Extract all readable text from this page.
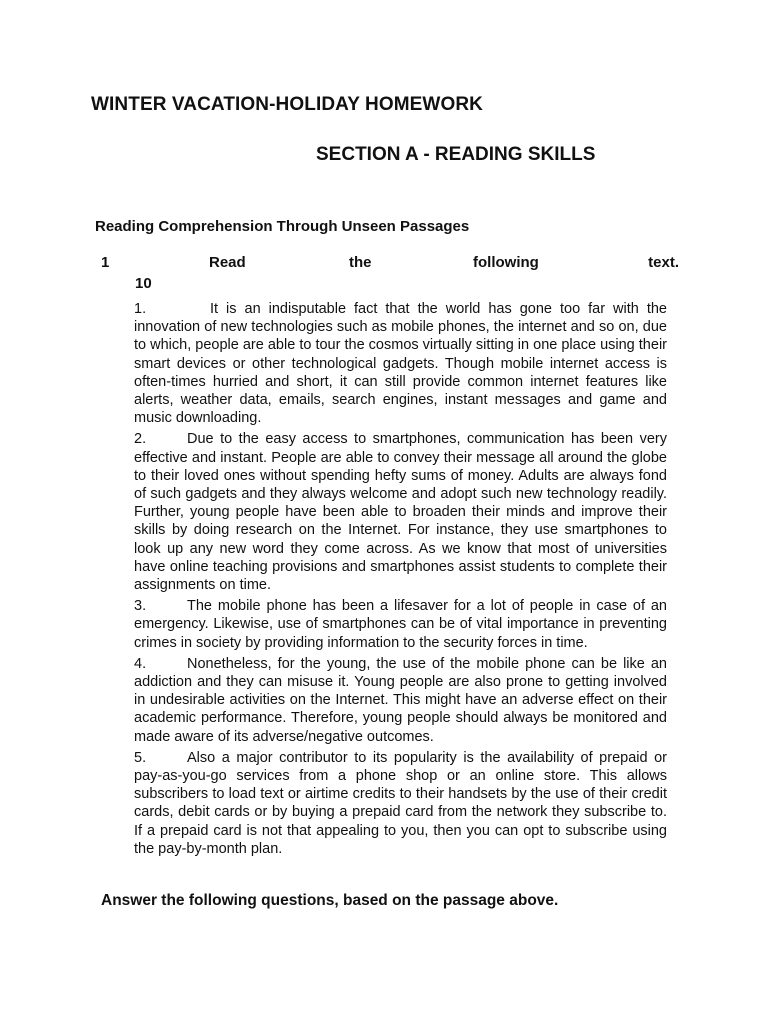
WINTER VACATION-HOLIDAY HOMEWORK
SECTION A - READING SKILLS
Reading Comprehension Through Unseen Passages
1	Read	the	following	text.
10

1.	It is an indisputable fact that the world has gone too far with the innovation of new technologies such as mobile phones, the internet and so on, due to which, people are able to tour the cosmos virtually sitting in one place using their smart devices or other technological gadgets. Though mobile internet access is often-times hurried and short, it can still provide common internet features like alerts, weather data, emails, search engines, instant messages and game and music downloading.

2.	Due to the easy access to smartphones, communication has been very effective and instant. People are able to convey their message all around the globe to their loved ones without spending hefty sums of money. Adults are always fond of such gadgets and they always welcome and adopt such new technology readily. Further, young people have been able to broaden their minds and improve their skills by doing research on the Internet. For instance, they use smartphones to look up any new word they come across. As we know that most of universities have online teaching provisions and smartphones assist students to complete their assignments on time.

3.	The mobile phone has been a lifesaver for a lot of people in case of an emergency. Likewise, use of smartphones can be of vital importance in preventing crimes in society by providing information to the security forces in time.

4.	Nonetheless, for the young, the use of the mobile phone can be like an addiction and they can misuse it. Young people are also prone to getting involved in undesirable activities on the Internet. This might have an adverse effect on their academic performance. Therefore, young people should always be monitored and made aware of its adverse/negative outcomes.

5.	Also a major contributor to its popularity is the availability of prepaid or pay-as-you-go services from a phone shop or an online store. This allows subscribers to load text or airtime credits to their handsets by the use of their credit cards, debit cards or by buying a prepaid card from the network they subscribe to. If a prepaid card is not that appealing to you, then you can opt to subscribe using the pay-by-month plan.

Answer the following questions, based on the passage above.
